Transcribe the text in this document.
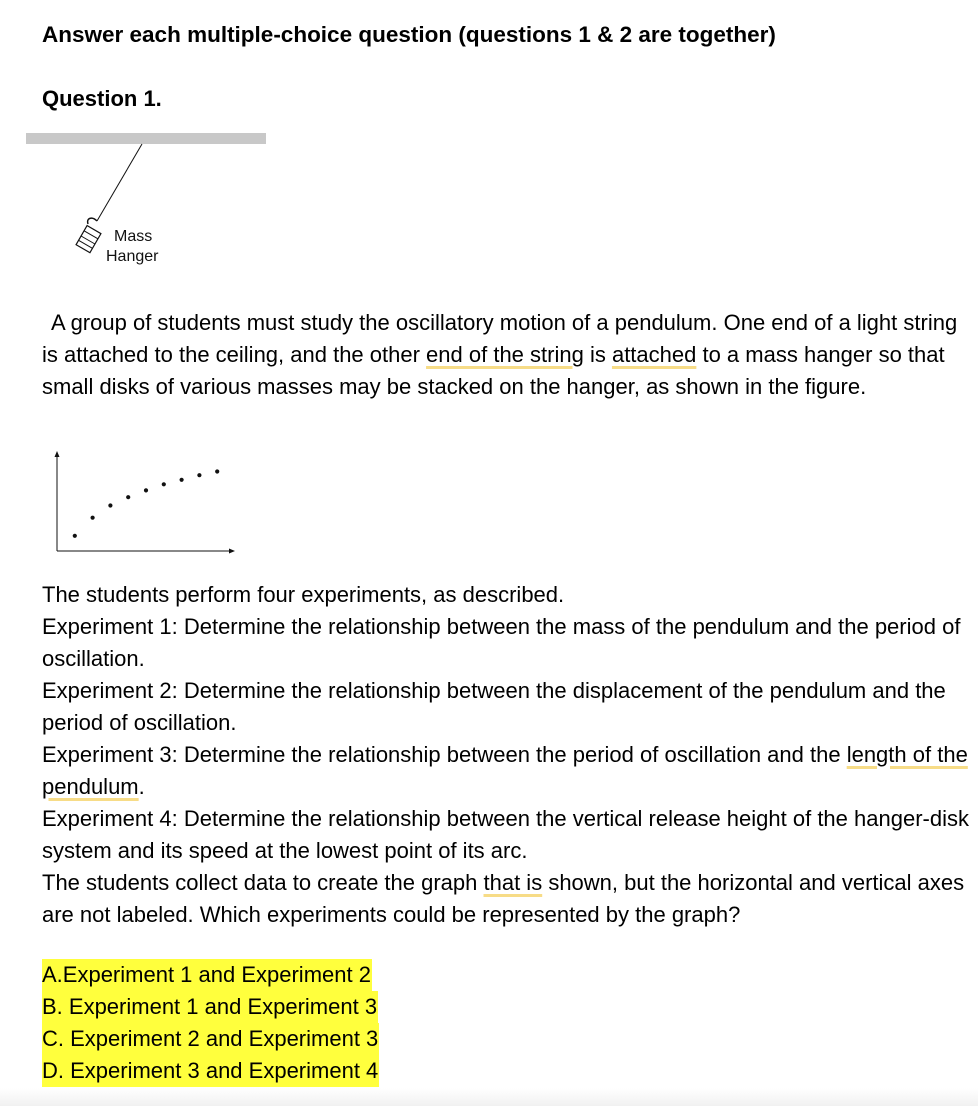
Answer each multiple-choice question (questions 1 & 2 are together)
Question 1.
Mass
Hanger

A group of students must study the oscillatory motion of a pendulum. One end of a light string is attached to the ceiling, and the other end of the string is attached to a mass hanger so that small disks of various masses may be stacked on the hanger, as shown in the figure.

The students perform four experiments, as described.
Experiment 1: Determine the relationship between the mass of the pendulum and the period of oscillation.
Experiment 2: Determine the relationship between the displacement of the pendulum and the period of oscillation.
Experiment 3: Determine the relationship between the period of oscillation and the length of the pendulum.
Experiment 4: Determine the relationship between the vertical release height of the hanger-disk system and its speed at the lowest point of its arc.
The students collect data to create the graph that is shown, but the horizontal and vertical axes are not labeled. Which experiments could be represented by the graph?
A.Experiment 1 and Experiment 2
B. Experiment 1 and Experiment 3
C. Experiment 2 and Experiment 3
D. Experiment 3 and Experiment 4
